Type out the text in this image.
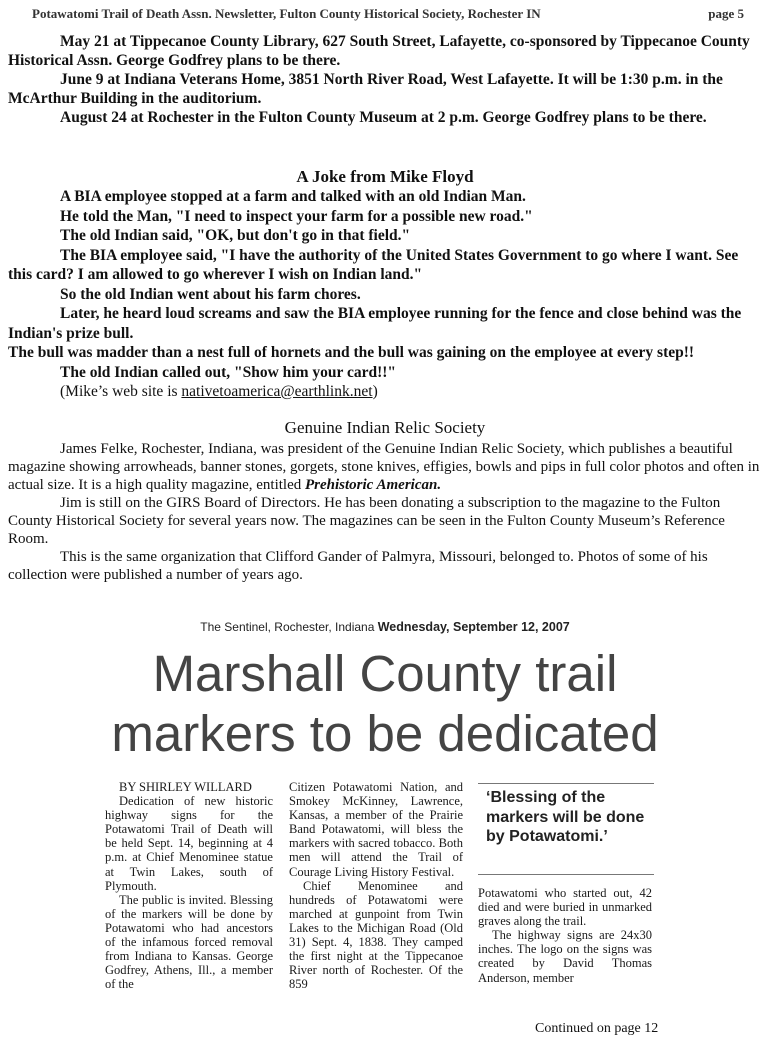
Potawatomi Trail of Death Assn. Newsletter, Fulton County Historical Society, Rochester IN	page 5

May 21 at Tippecanoe County Library, 627 South Street, Lafayette, co-sponsored by Tippecanoe County Historical Assn. George Godfrey plans to be there.

June 9 at Indiana Veterans Home, 3851 North River Road, West Lafayette. It will be 1:30 p.m. in the McArthur Building in the auditorium.

August 24 at Rochester in the Fulton County Museum at 2 p.m. George Godfrey plans to be there.

A Joke from Mike Floyd

A BIA employee stopped at a farm and talked with an old Indian Man.

He told the Man, "I need to inspect your farm for a possible new road."

The old Indian said, "OK, but don't go in that field."

The BIA employee said, "I have the authority of the United States Government to go where I want. See this card? I am allowed to go wherever I wish on Indian land."

So the old Indian went about his farm chores.

Later, he heard loud screams and saw the BIA employee running for the fence and close behind was the Indian's prize bull.

The bull was madder than a nest full of hornets and the bull was gaining on the employee at every step!!

The old Indian called out, "Show him your card!!"

(Mike’s web site is nativetoamerica@earthlink.net)

Genuine Indian Relic Society

James Felke, Rochester, Indiana, was president of the Genuine Indian Relic Society, which publishes a beautiful magazine showing arrowheads, banner stones, gorgets, stone knives, effigies, bowls and pips in full color photos and often in actual size. It is a high quality magazine, entitled Prehistoric American.

Jim is still on the GIRS Board of Directors. He has been donating a subscription to the magazine to the Fulton County Historical Society for several years now. The magazines can be seen in the Fulton County Museum’s Reference Room.

This is the same organization that Clifford Gander of Palmyra, Missouri, belonged to. Photos of some of his collection were published a number of years ago.

The Sentinel, Rochester, Indiana Wednesday, September 12, 2007
Marshall County trail
markers to be dedicated

BY SHIRLEY WILLARD

Dedication of new historic highway signs for the Potawatomi Trail of Death will be held Sept. 14, beginning at 4 p.m. at Chief Menominee statue at Twin Lakes, south of Plymouth.

The public is invited. Blessing of the markers will be done by Potawatomi who had ancestors of the infamous forced removal from Indiana to Kansas. George Godfrey, Athens, Ill., a member of the

Citizen Potawatomi Nation, and Smokey McKinney, Lawrence, Kansas, a member of the Prairie Band Potawatomi, will bless the markers with sacred tobacco. Both men will attend the Trail of Courage Living History Festival.

Chief Menominee and hundreds of Potawatomi were marched at gunpoint from Twin Lakes to the Michigan Road (Old 31) Sept. 4, 1838. They camped the first night at the Tippecanoe River north of Rochester. Of the 859

‘Blessing of the markers will be done by Potawatomi.’

Potawatomi who started out, 42 died and were buried in unmarked graves along the trail.

The highway signs are 24x30 inches. The logo on the signs was created by David Thomas Anderson, member

Continued on page 12
